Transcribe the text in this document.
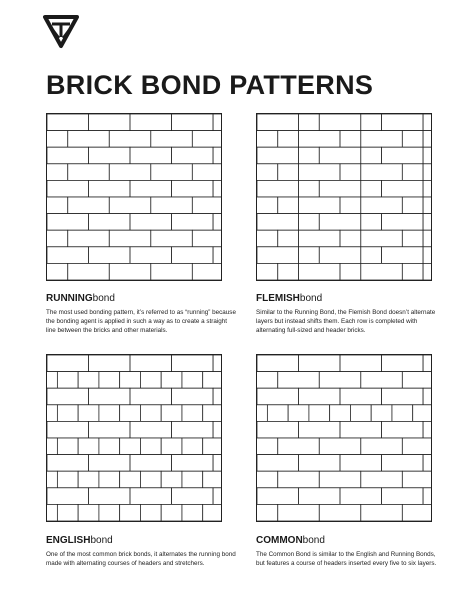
BRICK BOND PATTERNS

RUNNINGbond

The most used bonding pattern, it’s referred to as “running” because the bonding agent is applied in such a way as to create a straight line between the bricks and other materials.

FLEMISHbond

Similar to the Running Bond, the Flemish Bond doesn’t alternate layers but instead shifts them. Each row is completed with alternating full-sized and header bricks.

ENGLISHbond

One of the most common brick bonds, it alternates the running bond made with alternating courses of headers and stretchers.

COMMONbond

The Common Bond is similar to the English and Running Bonds, but features a course of headers inserted every five to six layers.
